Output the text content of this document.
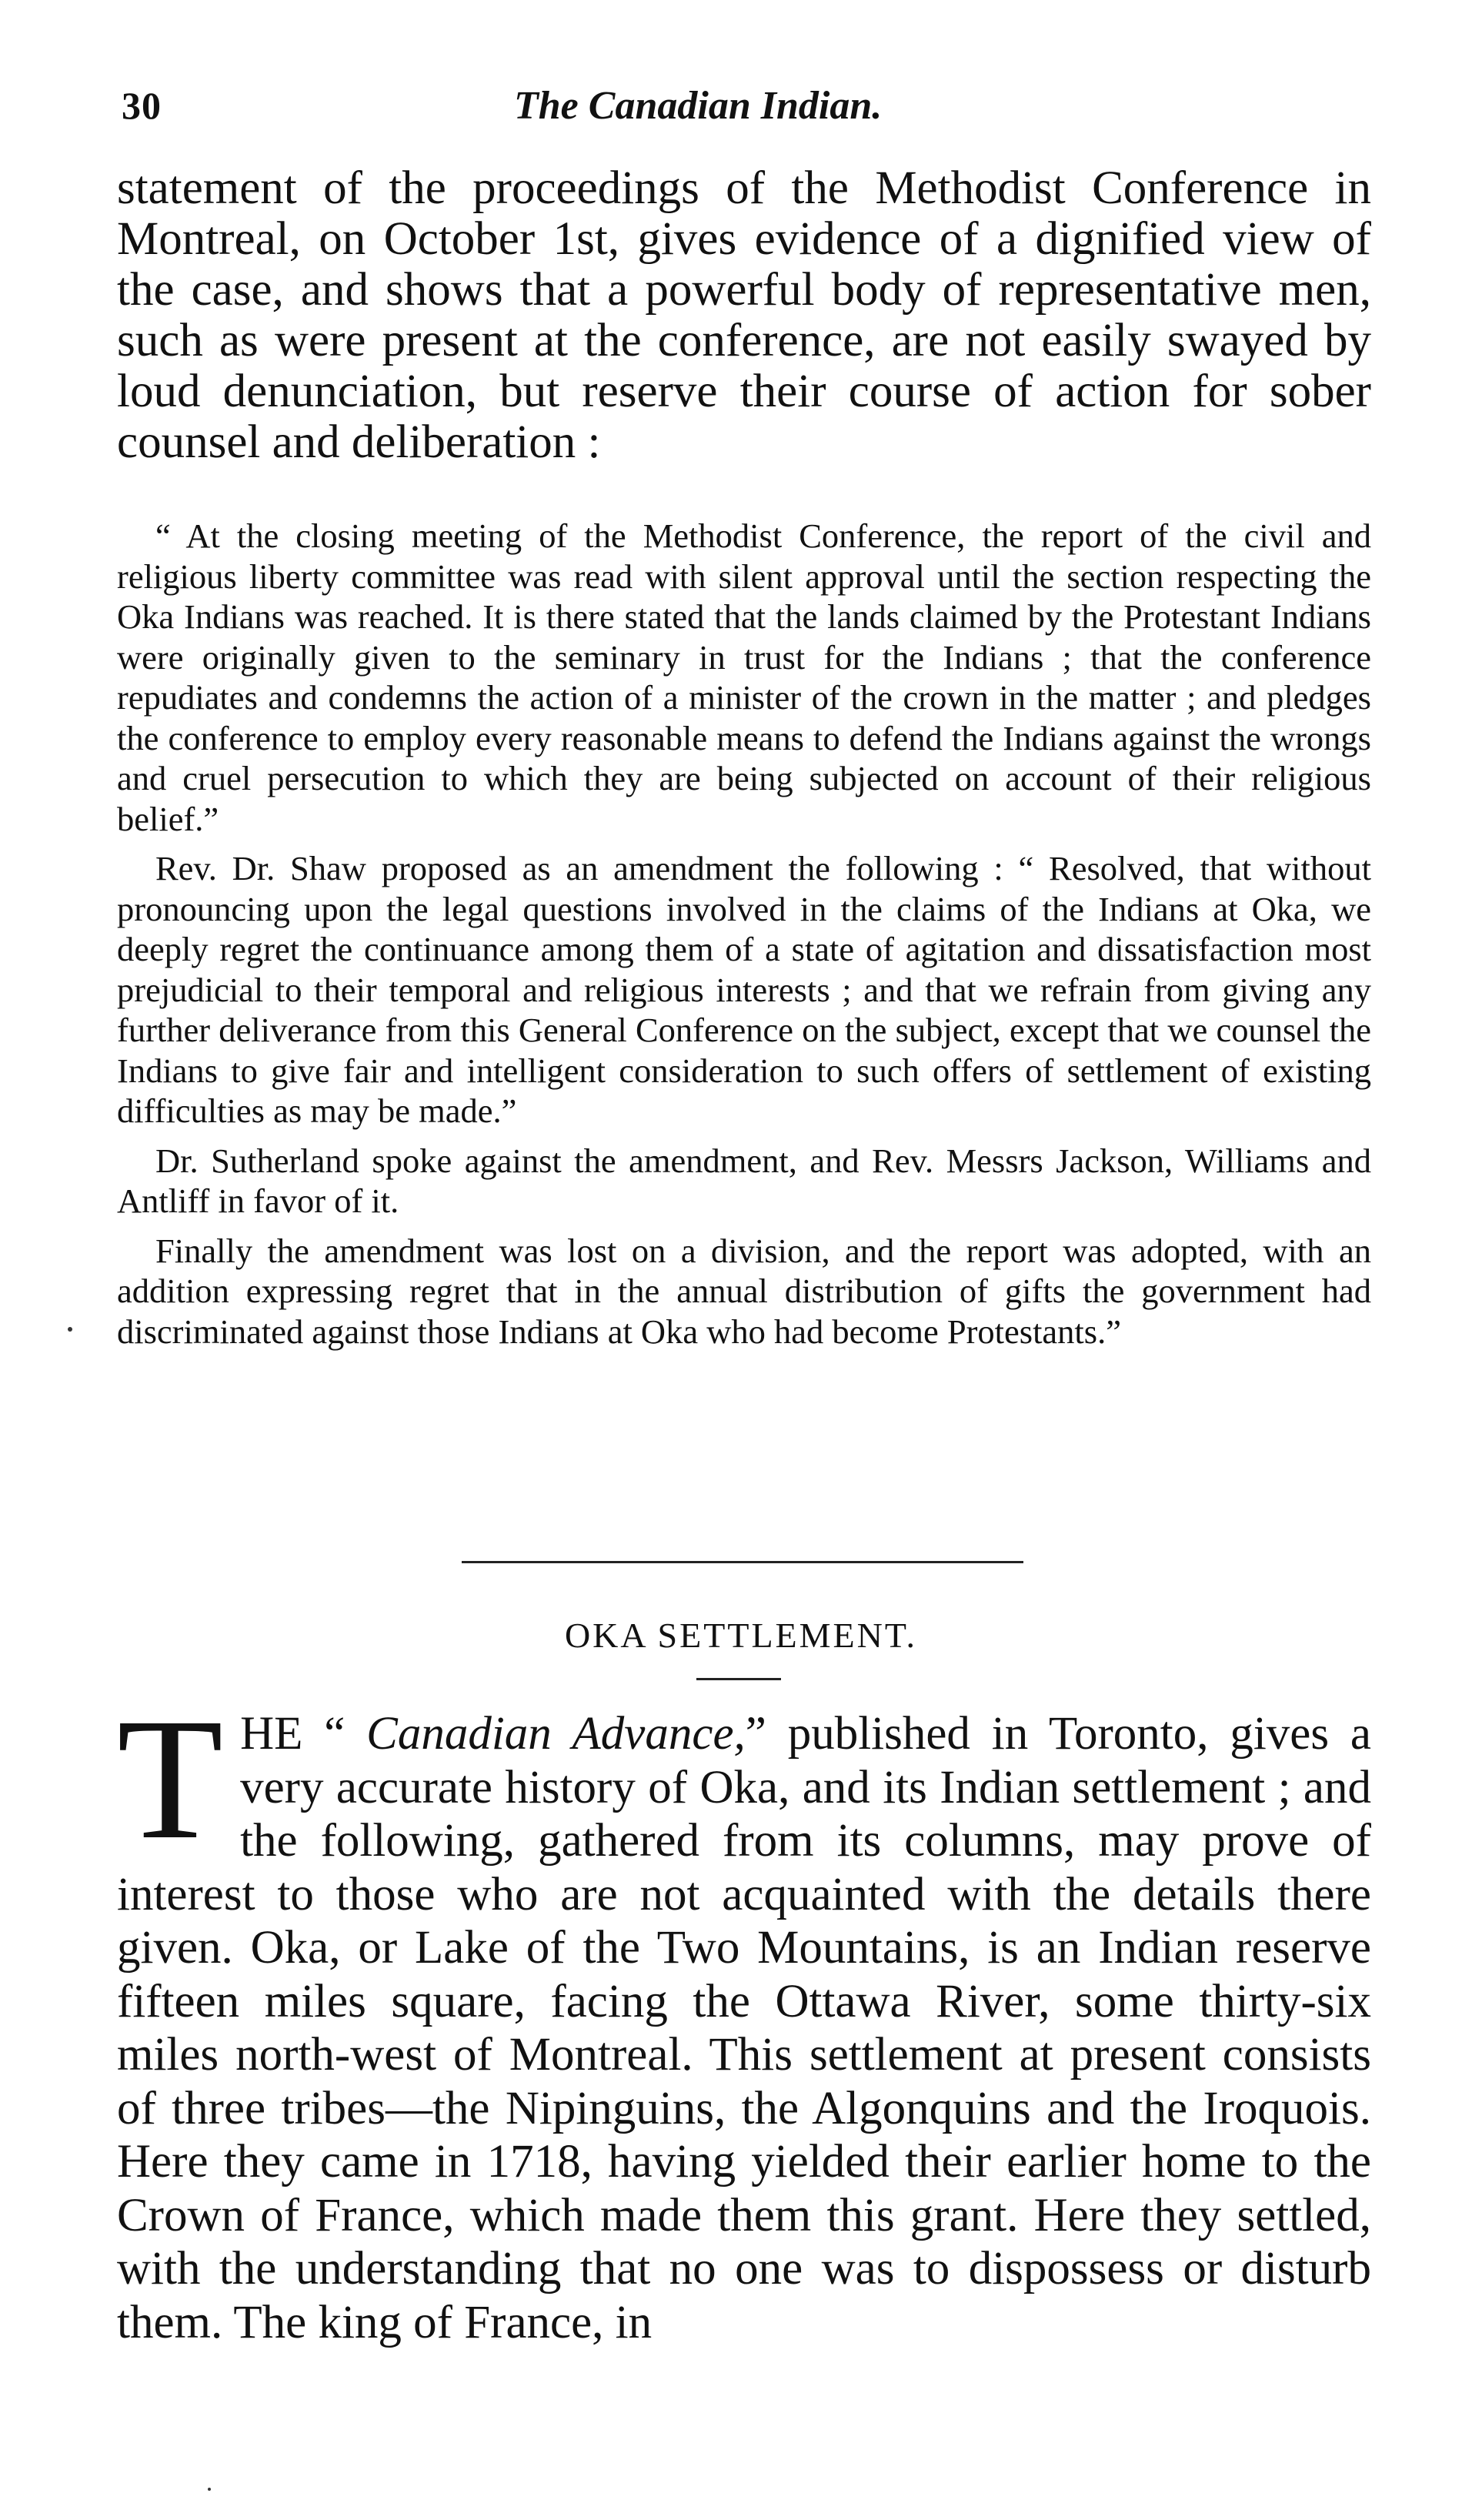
30	The Canadian Indian.

statement of the proceedings of the Methodist Conference in Montreal, on October 1st, gives evidence of a dignified view of the case, and shows that a powerful body of representative men, such as were present at the conference, are not easily swayed by loud denunciation, but reserve their course of action for sober counsel and deliberation :

“ At the closing meeting of the Methodist Conference, the report of the civil and religious liberty committee was read with silent approval until the section respecting the Oka Indians was reached. It is there stated that the lands claimed by the Protestant Indians were originally given to the seminary in trust for the Indians ; that the conference repudiates and condemns the action of a minister of the crown in the matter ; and pledges the conference to employ every reasonable means to defend the Indians against the wrongs and cruel persecution to which they are being subjected on account of their religious belief.”

Rev. Dr. Shaw proposed as an amendment the following : “ Resolved, that without pronouncing upon the legal questions involved in the claims of the Indians at Oka, we deeply regret the continuance among them of a state of agitation and dissatisfaction most prejudicial to their temporal and religious interests ; and that we refrain from giving any further deliverance from this General Conference on the subject, except that we counsel the Indians to give fair and intelligent consideration to such offers of settlement of existing difficulties as may be made.”

Dr. Sutherland spoke against the amendment, and Rev. Messrs Jackson, Williams and Antliff in favor of it.

Finally the amendment was lost on a division, and the report was adopted, with an addition expressing regret that in the annual distribution of gifts the government had discriminated against those Indians at Oka who had become Protestants.”

OKA SETTLEMENT.

THE “ Canadian Advance,” published in Toronto, gives a very accurate history of Oka, and its Indian settlement ; and the following, gathered from its columns, may prove of interest to those who are not acquainted with the details there given. Oka, or Lake of the Two Mountains, is an Indian reserve fifteen miles square, facing the Ottawa River, some thirty-six miles north-west of Montreal. This settlement at present consists of three tribes—the Nipinguins, the Algonquins and the Iroquois. Here they came in 1718, having yielded their earlier home to the Crown of France, which made them this grant. Here they settled, with the understanding that no one was to dispossess or disturb them. The king of France, in
